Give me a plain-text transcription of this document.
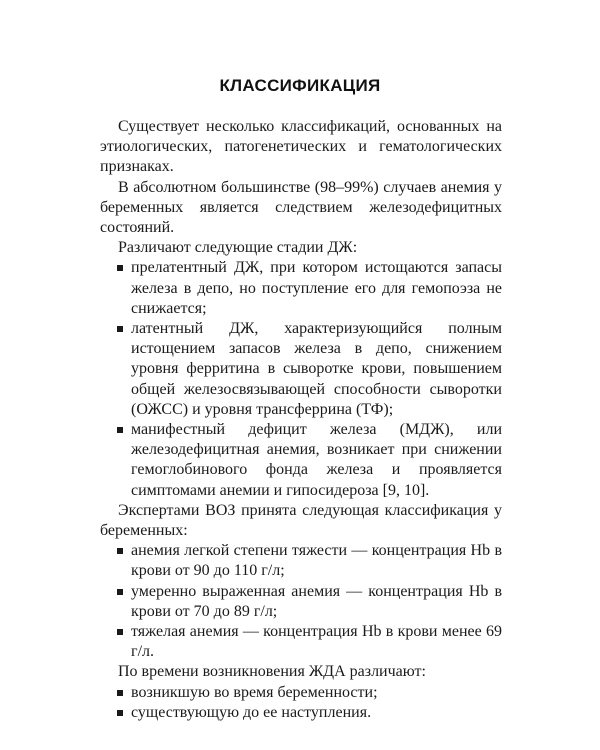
КЛАССИФИКАЦИЯ

Существует несколько классификаций, основанных на этиологических, патогенетических и гематологических признаках.

В абсолютном большинстве (98–99%) случаев анемия у беременных является следствием железодефицитных состояний.

Различают следующие стадии ДЖ:

прелатентный ДЖ, при котором истощаются запасы железа в депо, но поступление его для гемопоэза не снижается;
латентный ДЖ, характеризующийся полным истощением запасов железа в депо, снижением уровня ферритина в сыворотке крови, повышением общей железосвязывающей способности сыворотки (ОЖСС) и уровня трансферрина (ТФ);
манифестный дефицит железа (МДЖ), или железодефицитная анемия, возникает при снижении гемоглобинового фонда железа и проявляется симптомами анемии и гипосидероза [9, 10].

Экспертами ВОЗ принята следующая классификация у беременных:

анемия легкой степени тяжести — концентрация Hb в крови от 90 до 110 г/л;
умеренно выраженная анемия — концентрация Hb в крови от 70 до 89 г/л;
тяжелая анемия — концентрация Hb в крови менее 69 г/л.

По времени возникновения ЖДА различают:

возникшую во время беременности;
существующую до ее наступления.
